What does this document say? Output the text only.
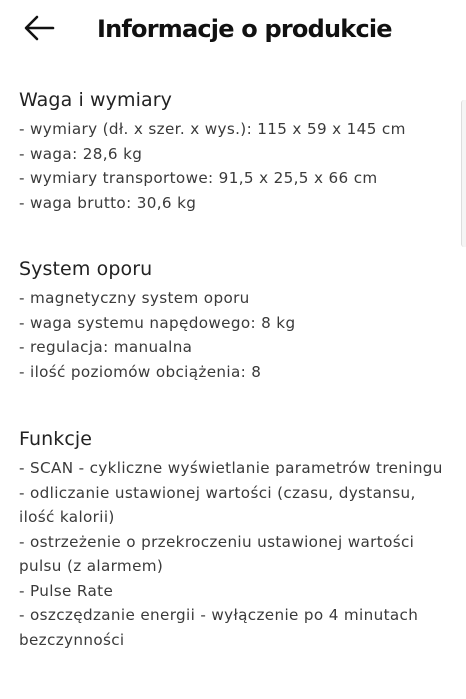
Informacje o produkcie
Waga i wymiary
- wymiary (dł. x szer. x wys.): 115 x 59 x 145 cm
- waga: 28,6 kg
- wymiary transportowe: 91,5 x 25,5 x 66 cm
- waga brutto: 30,6 kg
System oporu
- magnetyczny system oporu
- waga systemu napędowego: 8 kg
- regulacja: manualna
- ilość poziomów obciążenia: 8
Funkcje
- SCAN - cykliczne wyświetlanie parametrów treningu
- odliczanie ustawionej wartości (czasu, dystansu, ilość kalorii)
- ostrzeżenie o przekroczeniu ustawionej wartości pulsu (z alarmem)
- Pulse Rate
- oszczędzanie energii - wyłączenie po 4 minutach bezczynności
